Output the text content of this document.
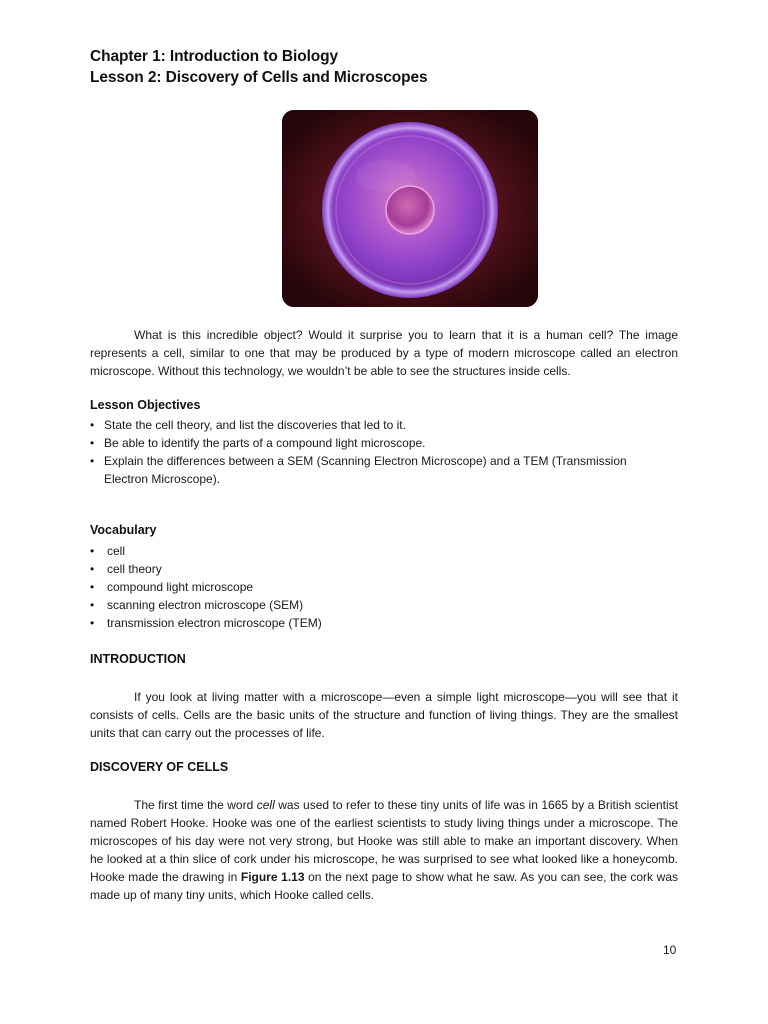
Chapter 1: Introduction to Biology
Lesson 2: Discovery of Cells and Microscopes
What is this incredible object? Would it surprise you to learn that it is a human cell? The image represents a cell, similar to one that may be produced by a type of modern microscope called an electron microscope. Without this technology, we wouldn’t be able to see the structures inside cells.
Lesson Objectives
• State the cell theory, and list the discoveries that led to it.
• Be able to identify the parts of a compound light microscope.
• Explain the differences between a SEM (Scanning Electron Microscope) and a TEM (Transmission Electron Microscope).
Vocabulary
• cell
• cell theory
• compound light microscope
• scanning electron microscope (SEM)
• transmission electron microscope (TEM)
INTRODUCTION
If you look at living matter with a microscope—even a simple light microscope—you will see that it consists of cells. Cells are the basic units of the structure and function of living things. They are the smallest units that can carry out the processes of life.
DISCOVERY OF CELLS
The first time the word cell was used to refer to these tiny units of life was in 1665 by a British scientist named Robert Hooke. Hooke was one of the earliest scientists to study living things under a microscope. The microscopes of his day were not very strong, but Hooke was still able to make an important discovery. When he looked at a thin slice of cork under his microscope, he was surprised to see what looked like a honeycomb. Hooke made the drawing in Figure 1.13 on the next page to show what he saw. As you can see, the cork was made up of many tiny units, which Hooke called cells.
10
